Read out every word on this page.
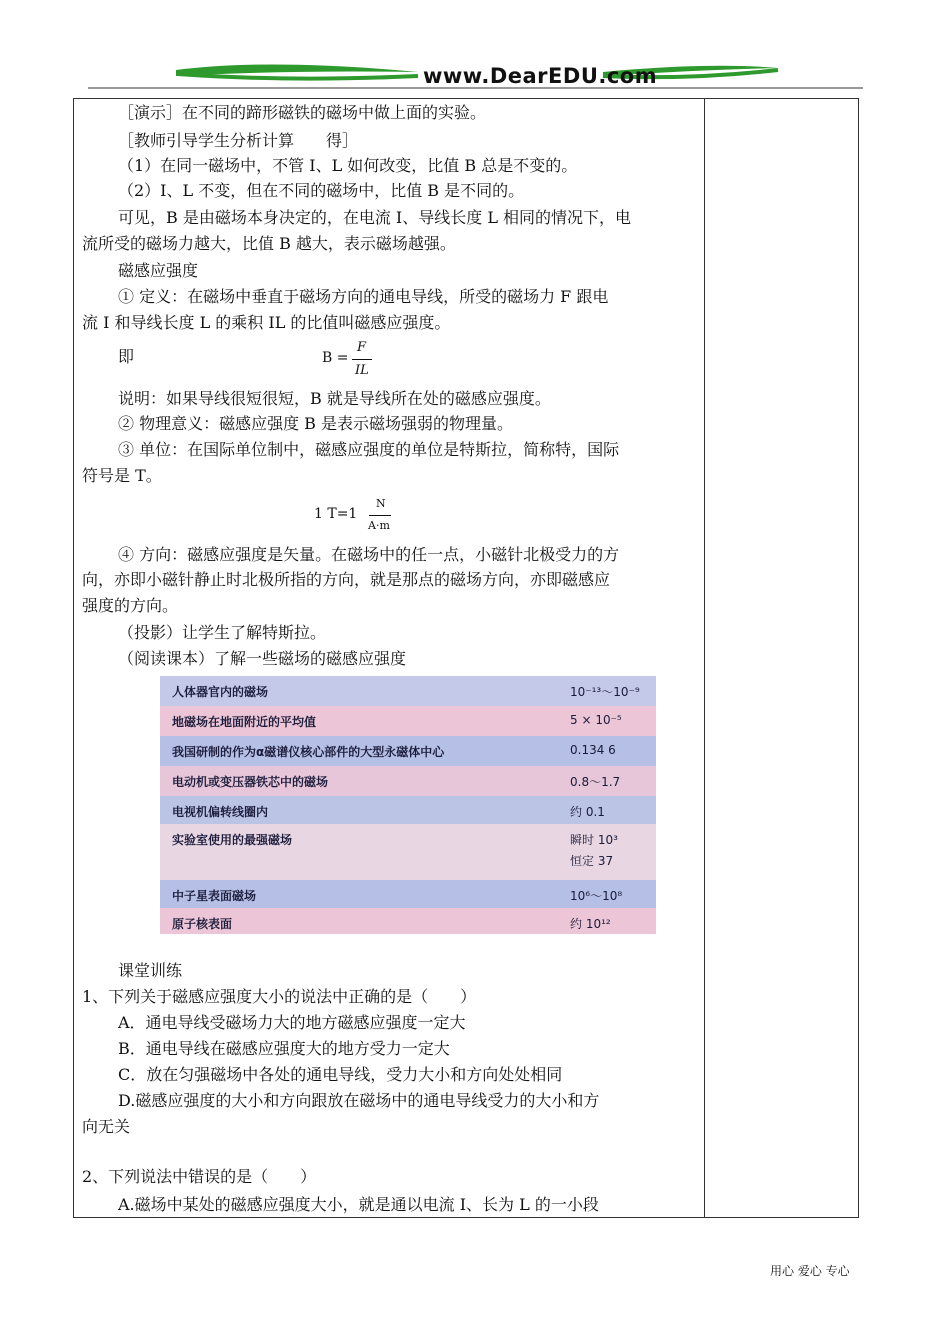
www.DearEDU.com
［演示］在不同的蹄形磁铁的磁场中做上面的实验。
［教师引导学生分析计算　　得］
（1）在同一磁场中，不管 I、L 如何改变，比值 B 总是不变的。
（2）I、L 不变，但在不同的磁场中，比值 B 是不同的。
可见，B 是由磁场本身决定的，在电流 I、导线长度 L 相同的情况下，电
流所受的磁场力越大，比值 B 越大，表示磁场越强。
磁感应强度
① 定义：在磁场中垂直于磁场方向的通电导线，所受的磁场力 F 跟电
流 I 和导线长度 L 的乘积 IL 的比值叫磁感应强度。
即	B =
F
IL
说明：如果导线很短很短，B 就是导线所在处的磁感应强度。
② 物理意义：磁感应强度 B 是表示磁场强弱的物理量。
③ 单位：在国际单位制中，磁感应强度的单位是特斯拉，简称特，国际
符号是 T。
1 T=1
N
A·m
④ 方向：磁感应强度是矢量。在磁场中的任一点，小磁针北极受力的方
向，亦即小磁针静止时北极所指的方向，就是那点的磁场方向，亦即磁感应
强度的方向。
（投影）让学生了解特斯拉。
（阅读课本）了解一些磁场的磁感应强度
人体器官内的磁场	10⁻¹³～10⁻⁹
地磁场在地面附近的平均值	5 × 10⁻⁵
我国研制的作为α磁谱仪核心部件的大型永磁体中心	0.134 6
电动机或变压器铁芯中的磁场	0.8～1.7
电视机偏转线圈内	约 0.1
实验室使用的最强磁场	瞬时 10³
恒定 37
中子星表面磁场	10⁶～10⁸
原子核表面	约 10¹²
课堂训练
1、下列关于磁感应强度大小的说法中正确的是（　　）
A．通电导线受磁场力大的地方磁感应强度一定大
B．通电导线在磁感应强度大的地方受力一定大
C．放在匀强磁场中各处的通电导线，受力大小和方向处处相同
D.磁感应强度的大小和方向跟放在磁场中的通电导线受力的大小和方
向无关
2、下列说法中错误的是（　　）
A.磁场中某处的磁感应强度大小，就是通以电流 I、长为 L 的一小段
用心 爱心 专心
